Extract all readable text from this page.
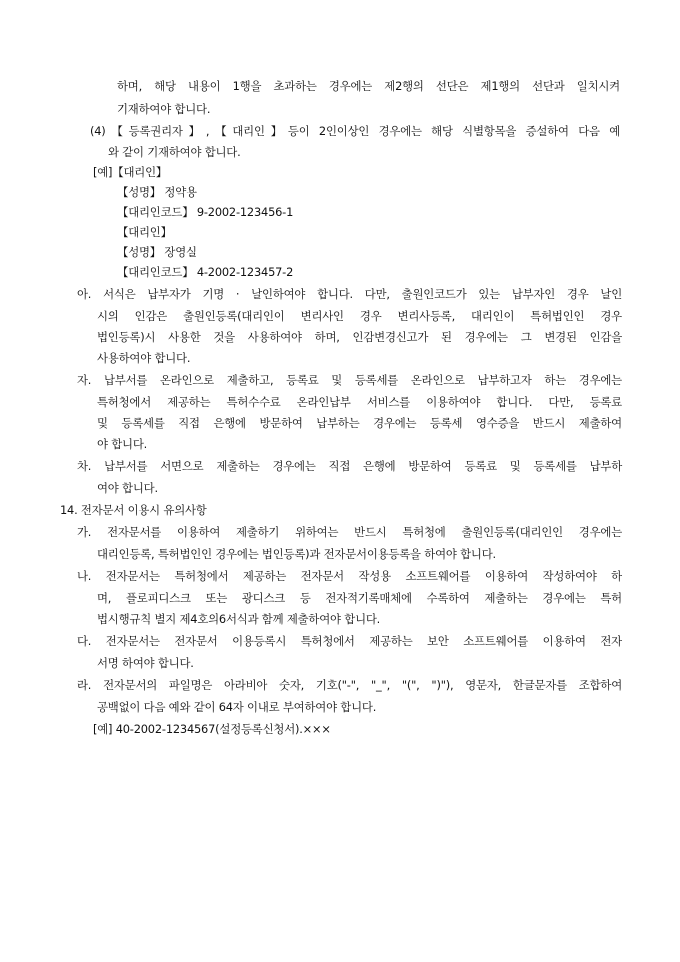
하며, 해당 내용이 1행을 초과하는 경우에는 제2행의 선단은 제1행의 선단과 일치시켜
기재하여야 합니다.
(4)【등록권리자】,【대리인】등이 2인이상인 경우에는 해당 식별항목을 증설하여 다음 예
와 같이 기재하여야 합니다.
[예]【대리인】
【성명】 정약용
【대리인코드】 9-2002-123456-1
【대리인】
【성명】 장영실
【대리인코드】 4-2002-123457-2
아. 서식은 납부자가 기명 · 날인하여야 합니다. 다만, 출원인코드가 있는 납부자인 경우 날인
시의 인감은 출원인등록(대리인이 변리사인 경우 변리사등록, 대리인이 특허법인인 경우
법인등록)시 사용한 것을 사용하여야 하며, 인감변경신고가 된 경우에는 그 변경된 인감을
사용하여야 합니다.
자. 납부서를 온라인으로 제출하고, 등록료 및 등록세를 온라인으로 납부하고자 하는 경우에는
특허청에서 제공하는 특허수수료 온라인납부 서비스를 이용하여야 합니다. 다만, 등록료
및 등록세를 직접 은행에 방문하여 납부하는 경우에는 등록세 영수증을 반드시 제출하여
야 합니다.
차. 납부서를 서면으로 제출하는 경우에는 직접 은행에 방문하여 등록료 및 등록세를 납부하
여야 합니다.
14. 전자문서 이용시 유의사항
가. 전자문서를 이용하여 제출하기 위하여는 반드시 특허청에 출원인등록(대리인인 경우에는
대리인등록, 특허법인인 경우에는 법인등록)과 전자문서이용등록을 하여야 합니다.
나. 전자문서는 특허청에서 제공하는 전자문서 작성용 소프트웨어를 이용하여 작성하여야 하
며, 플로피디스크 또는 광디스크 등 전자적기록매체에 수록하여 제출하는 경우에는 특허
법시행규칙 별지 제4호의6서식과 함께 제출하여야 합니다.
다. 전자문서는 전자문서 이용등록시 특허청에서 제공하는 보안 소프트웨어를 이용하여 전자
서명 하여야 합니다.
라. 전자문서의 파일명은 아라비아 숫자, 기호("-", "_", "(", ")"), 영문자, 한글문자를 조합하여
공백없이 다음 예와 같이 64자 이내로 부여하여야 합니다.
[예] 40-2002-1234567(설정등록신청서).×××
